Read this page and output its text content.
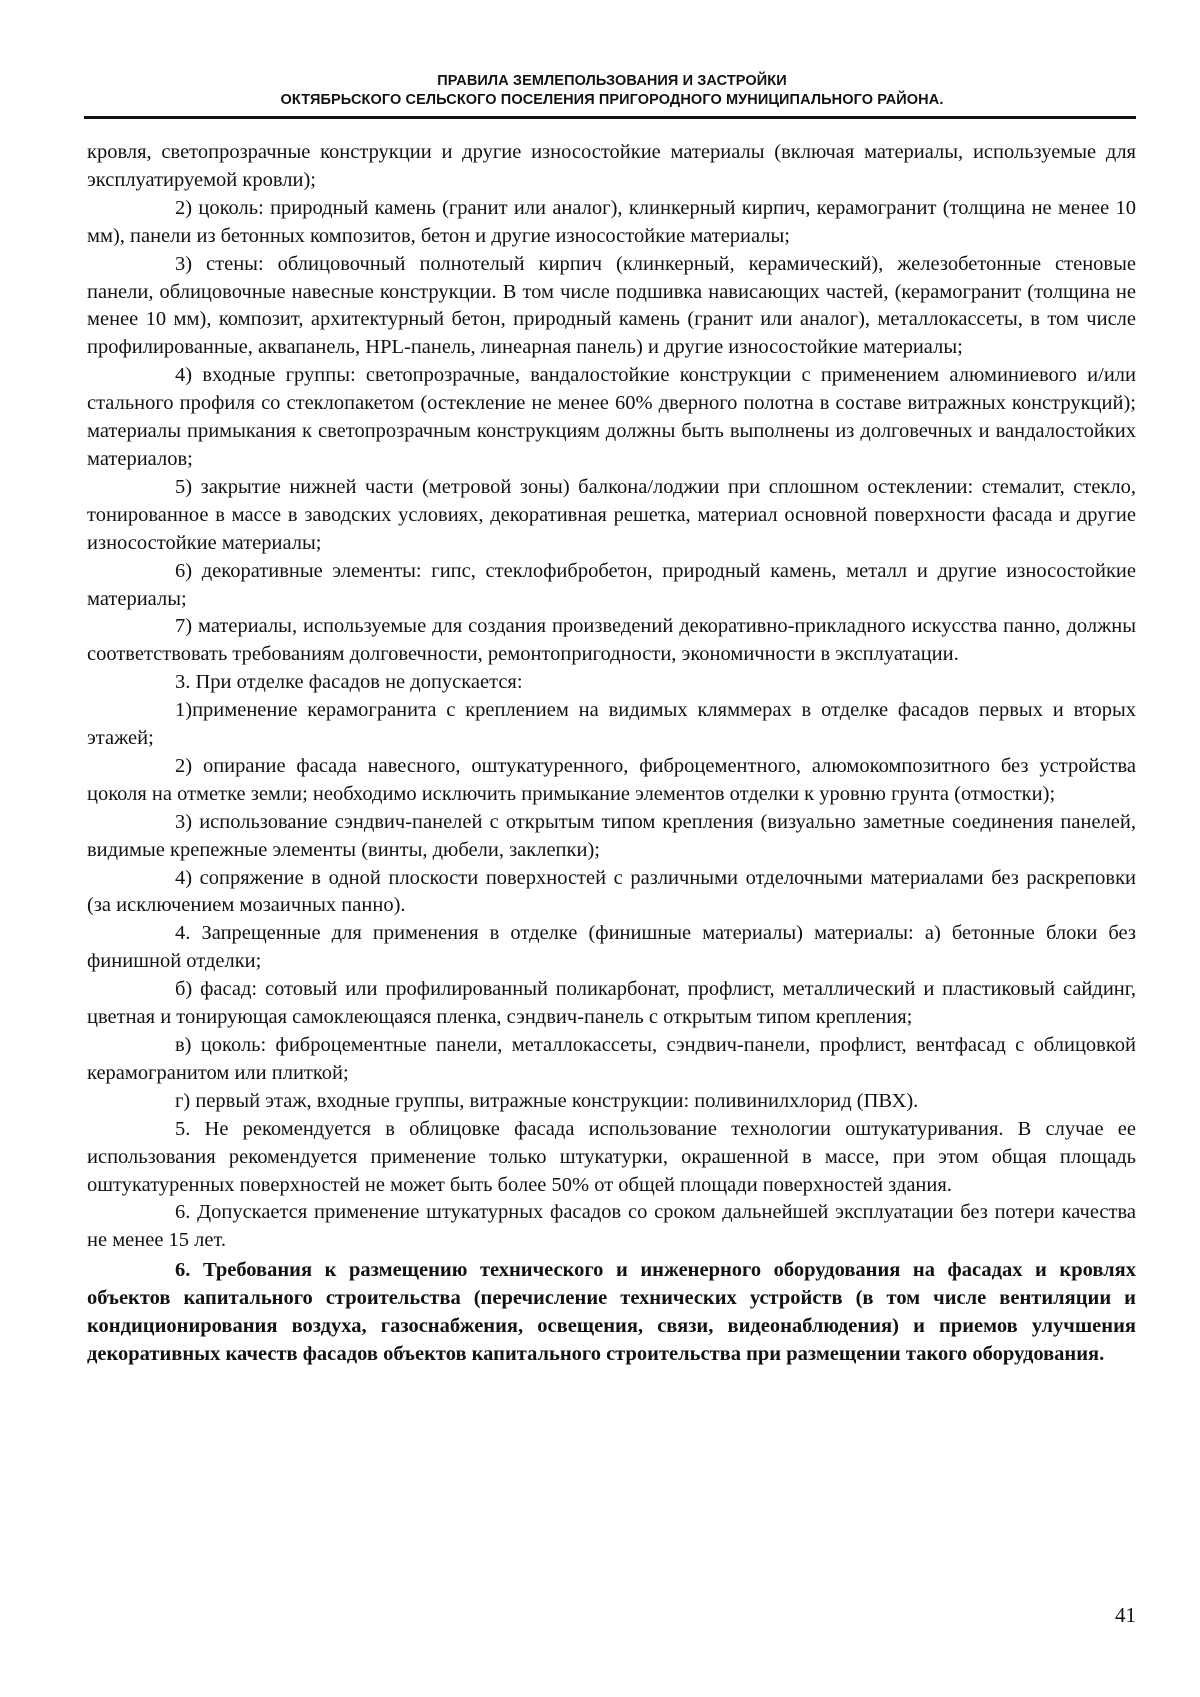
ПРАВИЛА ЗЕМЛЕПОЛЬЗОВАНИЯ И ЗАСТРОЙКИ
ОКТЯБРЬСКОГО СЕЛЬСКОГО ПОСЕЛЕНИЯ ПРИГОРОДНОГО МУНИЦИПАЛЬНОГО РАЙОНА.

кровля, светопрозрачные конструкции и другие износостойкие материалы (включая материалы, используемые для эксплуатируемой кровли);

2) цоколь: природный камень (гранит или аналог), клинкерный кирпич, керамогранит (толщина не менее 10 мм), панели из бетонных композитов, бетон и другие износостойкие материалы;

3) стены: облицовочный полнотелый кирпич (клинкерный, керамический), железобетонные стеновые панели, облицовочные навесные конструкции. В том числе подшивка нависающих частей, (керамогранит (толщина не менее 10 мм), композит, архитектурный бетон, природный камень (гранит или аналог), металлокассеты, в том числе профилированные, аквапанель, HPL-панель, линеарная панель) и другие износостойкие материалы;

4) входные группы: светопрозрачные, вандалостойкие конструкции с применением алюминиевого и/или стального профиля со стеклопакетом (остекление не менее 60% дверного полотна в составе витражных конструкций); материалы примыкания к светопрозрачным конструкциям должны быть выполнены из долговечных и вандалостойких материалов;

5) закрытие нижней части (метровой зоны) балкона/лоджии при сплошном остеклении: стемалит, стекло, тонированное в массе в заводских условиях, декоративная решетка, материал основной поверхности фасада и другие износостойкие материалы;

6) декоративные элементы: гипс, стеклофибробетон, природный камень, металл и другие износостойкие материалы;

7) материалы, используемые для создания произведений декоративно-прикладного искусства панно, должны соответствовать требованиям долговечности, ремонтопригодности, экономичности в эксплуатации.

3. При отделке фасадов не допускается:

1)применение керамогранита с креплением на видимых кляммерах в отделке фасадов первых и вторых этажей;

2) опирание фасада навесного, оштукатуренного, фиброцементного, алюмокомпозитного без устройства цоколя на отметке земли; необходимо исключить примыкание элементов отделки к уровню грунта (отмостки);

3) использование сэндвич-панелей с открытым типом крепления (визуально заметные соединения панелей, видимые крепежные элементы (винты, дюбели, заклепки);

4) сопряжение в одной плоскости поверхностей с различными отделочными материалами без раскреповки (за исключением мозаичных панно).

4. Запрещенные для применения в отделке (финишные материалы) материалы: а) бетонные блоки без финишной отделки;

б) фасад: сотовый или профилированный поликарбонат, профлист, металлический и пластиковый сайдинг, цветная и тонирующая самоклеющаяся пленка, сэндвич-панель с открытым типом крепления;

в) цоколь: фиброцементные панели, металлокассеты, сэндвич-панели, профлист, вентфасад с облицовкой керамогранитом или плиткой;

г) первый этаж, входные группы, витражные конструкции: поливинилхлорид (ПВХ).

5. Не рекомендуется в облицовке фасада использование технологии оштукатуривания. В случае ее использования рекомендуется применение только штукатурки, окрашенной в массе, при этом общая площадь оштукатуренных поверхностей не может быть более 50% от общей площади поверхностей здания.

6. Допускается применение штукатурных фасадов со сроком дальнейшей эксплуатации без потери качества не менее 15 лет.

6. Требования к размещению технического и инженерного оборудования на фасадах и кровлях объектов капитального строительства (перечисление технических устройств (в том числе вентиляции и кондиционирования воздуха, газоснабжения, освещения, связи, видеонаблюдения) и приемов улучшения декоративных качеств фасадов объектов капитального строительства при размещении такого оборудования.

41
